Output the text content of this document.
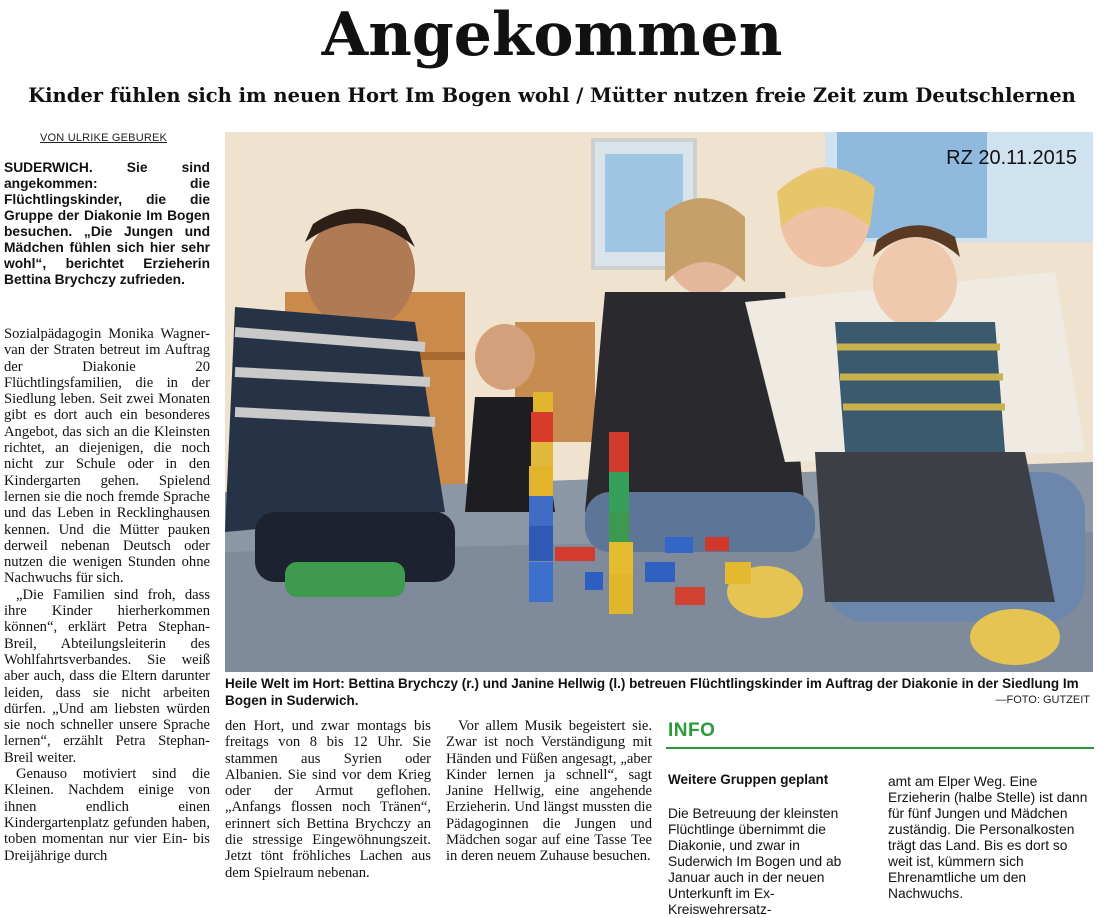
Angekommen
Kinder fühlen sich im neuen Hort Im Bogen wohl / Mütter nutzen freie Zeit zum Deutschlernen
VON ULRIKE GEBUREK
SUDERWICH. Sie sind angekommen: die Flüchtlingskinder, die die Gruppe der Diakonie Im Bogen besuchen. „Die Jungen und Mädchen fühlen sich hier sehr wohl“, berichtet Erzieherin Bettina Brychczy zufrieden.

Sozialpädagogin Monika Wagner-van der Straten betreut im Auftrag der Diakonie 20 Flüchtlingsfamilien, die in der Siedlung leben. Seit zwei Monaten gibt es dort auch ein besonderes Angebot, das sich an die Kleinsten richtet, an diejenigen, die noch nicht zur Schule oder in den Kindergarten gehen. Spielend lernen sie die noch fremde Sprache und das Leben in Recklinghausen kennen. Und die Mütter pauken derweil nebenan Deutsch oder nutzen die wenigen Stunden ohne Nachwuchs für sich.

„Die Familien sind froh, dass ihre Kinder hierherkommen können“, erklärt Petra Stephan-Breil, Abteilungsleiterin des Wohlfahrtsverbandes. Sie weiß aber auch, dass die Eltern darunter leiden, dass sie nicht arbeiten dürfen. „Und am liebsten würden sie noch schneller unsere Sprache lernen“, erzählt Petra Stephan-Breil weiter.

Genauso motiviert sind die Kleinen. Nachdem einige von ihnen endlich einen Kindergartenplatz gefunden haben, toben momentan nur vier Ein- bis Dreijährige durch

RZ 20.11.2015
Heile Welt im Hort: Bettina Brychczy (r.) und Janine Hellwig (l.) betreuen Flüchtlingskinder im Auftrag der Diakonie in der Siedlung Im Bogen in Suderwich.	—FOTO: GUTZEIT

den Hort, und zwar montags bis freitags von 8 bis 12 Uhr. Sie stammen aus Syrien oder Albanien. Sie sind vor dem Krieg oder der Armut geflohen. „Anfangs flossen noch Tränen“, erinnert sich Bettina Brychczy an die stressige Eingewöhnungszeit. Jetzt tönt fröhliches Lachen aus dem Spielraum nebenan.

Vor allem Musik begeistert sie. Zwar ist noch Verständigung mit Händen und Füßen angesagt, „aber Kinder lernen ja schnell“, sagt Janine Hellwig, eine angehende Erzieherin. Und längst mussten die Pädagoginnen die Jungen und Mädchen sogar auf eine Tasse Tee in deren neuem Zuhause besuchen.

INFO
Weitere Gruppen geplant
Die Betreuung der kleinsten Flüchtlinge übernimmt die Diakonie, und zwar in Suderwich Im Bogen und ab Januar auch in der neuen Unterkunft im Ex-Kreiswehrersatz-
amt am Elper Weg. Eine Erzieherin (halbe Stelle) ist dann für fünf Jungen und Mädchen zuständig. Die Personalkosten trägt das Land. Bis es dort so weit ist, kümmern sich Ehrenamtliche um den Nachwuchs.
